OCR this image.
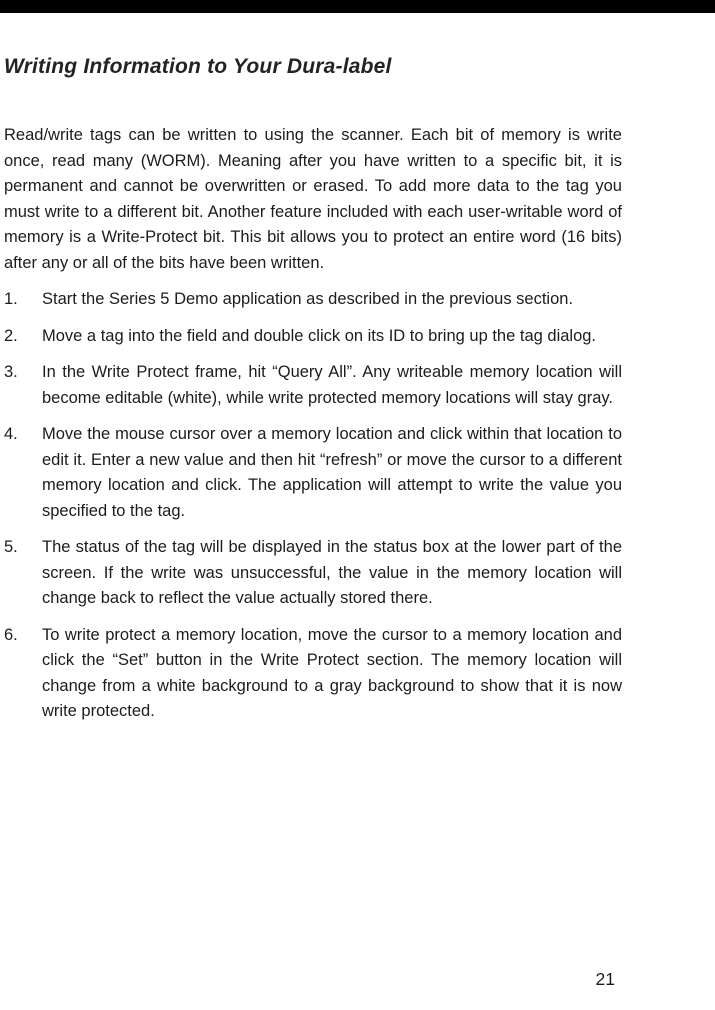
Writing Information to Your Dura-label

Read/write tags can be written to using the scanner. Each bit of memory is write once, read many (WORM). Meaning after you have written to a specific bit, it is permanent and cannot be overwritten or erased. To add more data to the tag you must write to a different bit. Another feature included with each user-writable word of memory is a Write-Protect bit. This bit allows you to protect an entire word (16 bits) after any or all of the bits have been written.

1.	Start the Series 5 Demo application as described in the previous section.
2.	Move a tag into the field and double click on its ID to bring up the tag dialog.
3.	In the Write Protect frame, hit “Query All”. Any writeable memory location will become editable (white), while write protected memory locations will stay gray.
4.	Move the mouse cursor over a memory location and click within that location to edit it. Enter a new value and then hit “refresh” or move the cursor to a different memory location and click. The application will attempt to write the value you specified to the tag.
5.	The status of the tag will be displayed in the status box at the lower part of the screen. If the write was unsuccessful, the value in the memory location will change back to reflect the value actually stored there.
6.	To write protect a memory location, move the cursor to a memory location and click the “Set” button in the Write Protect section. The memory location will change from a white background to a gray background to show that it is now write protected.
21
